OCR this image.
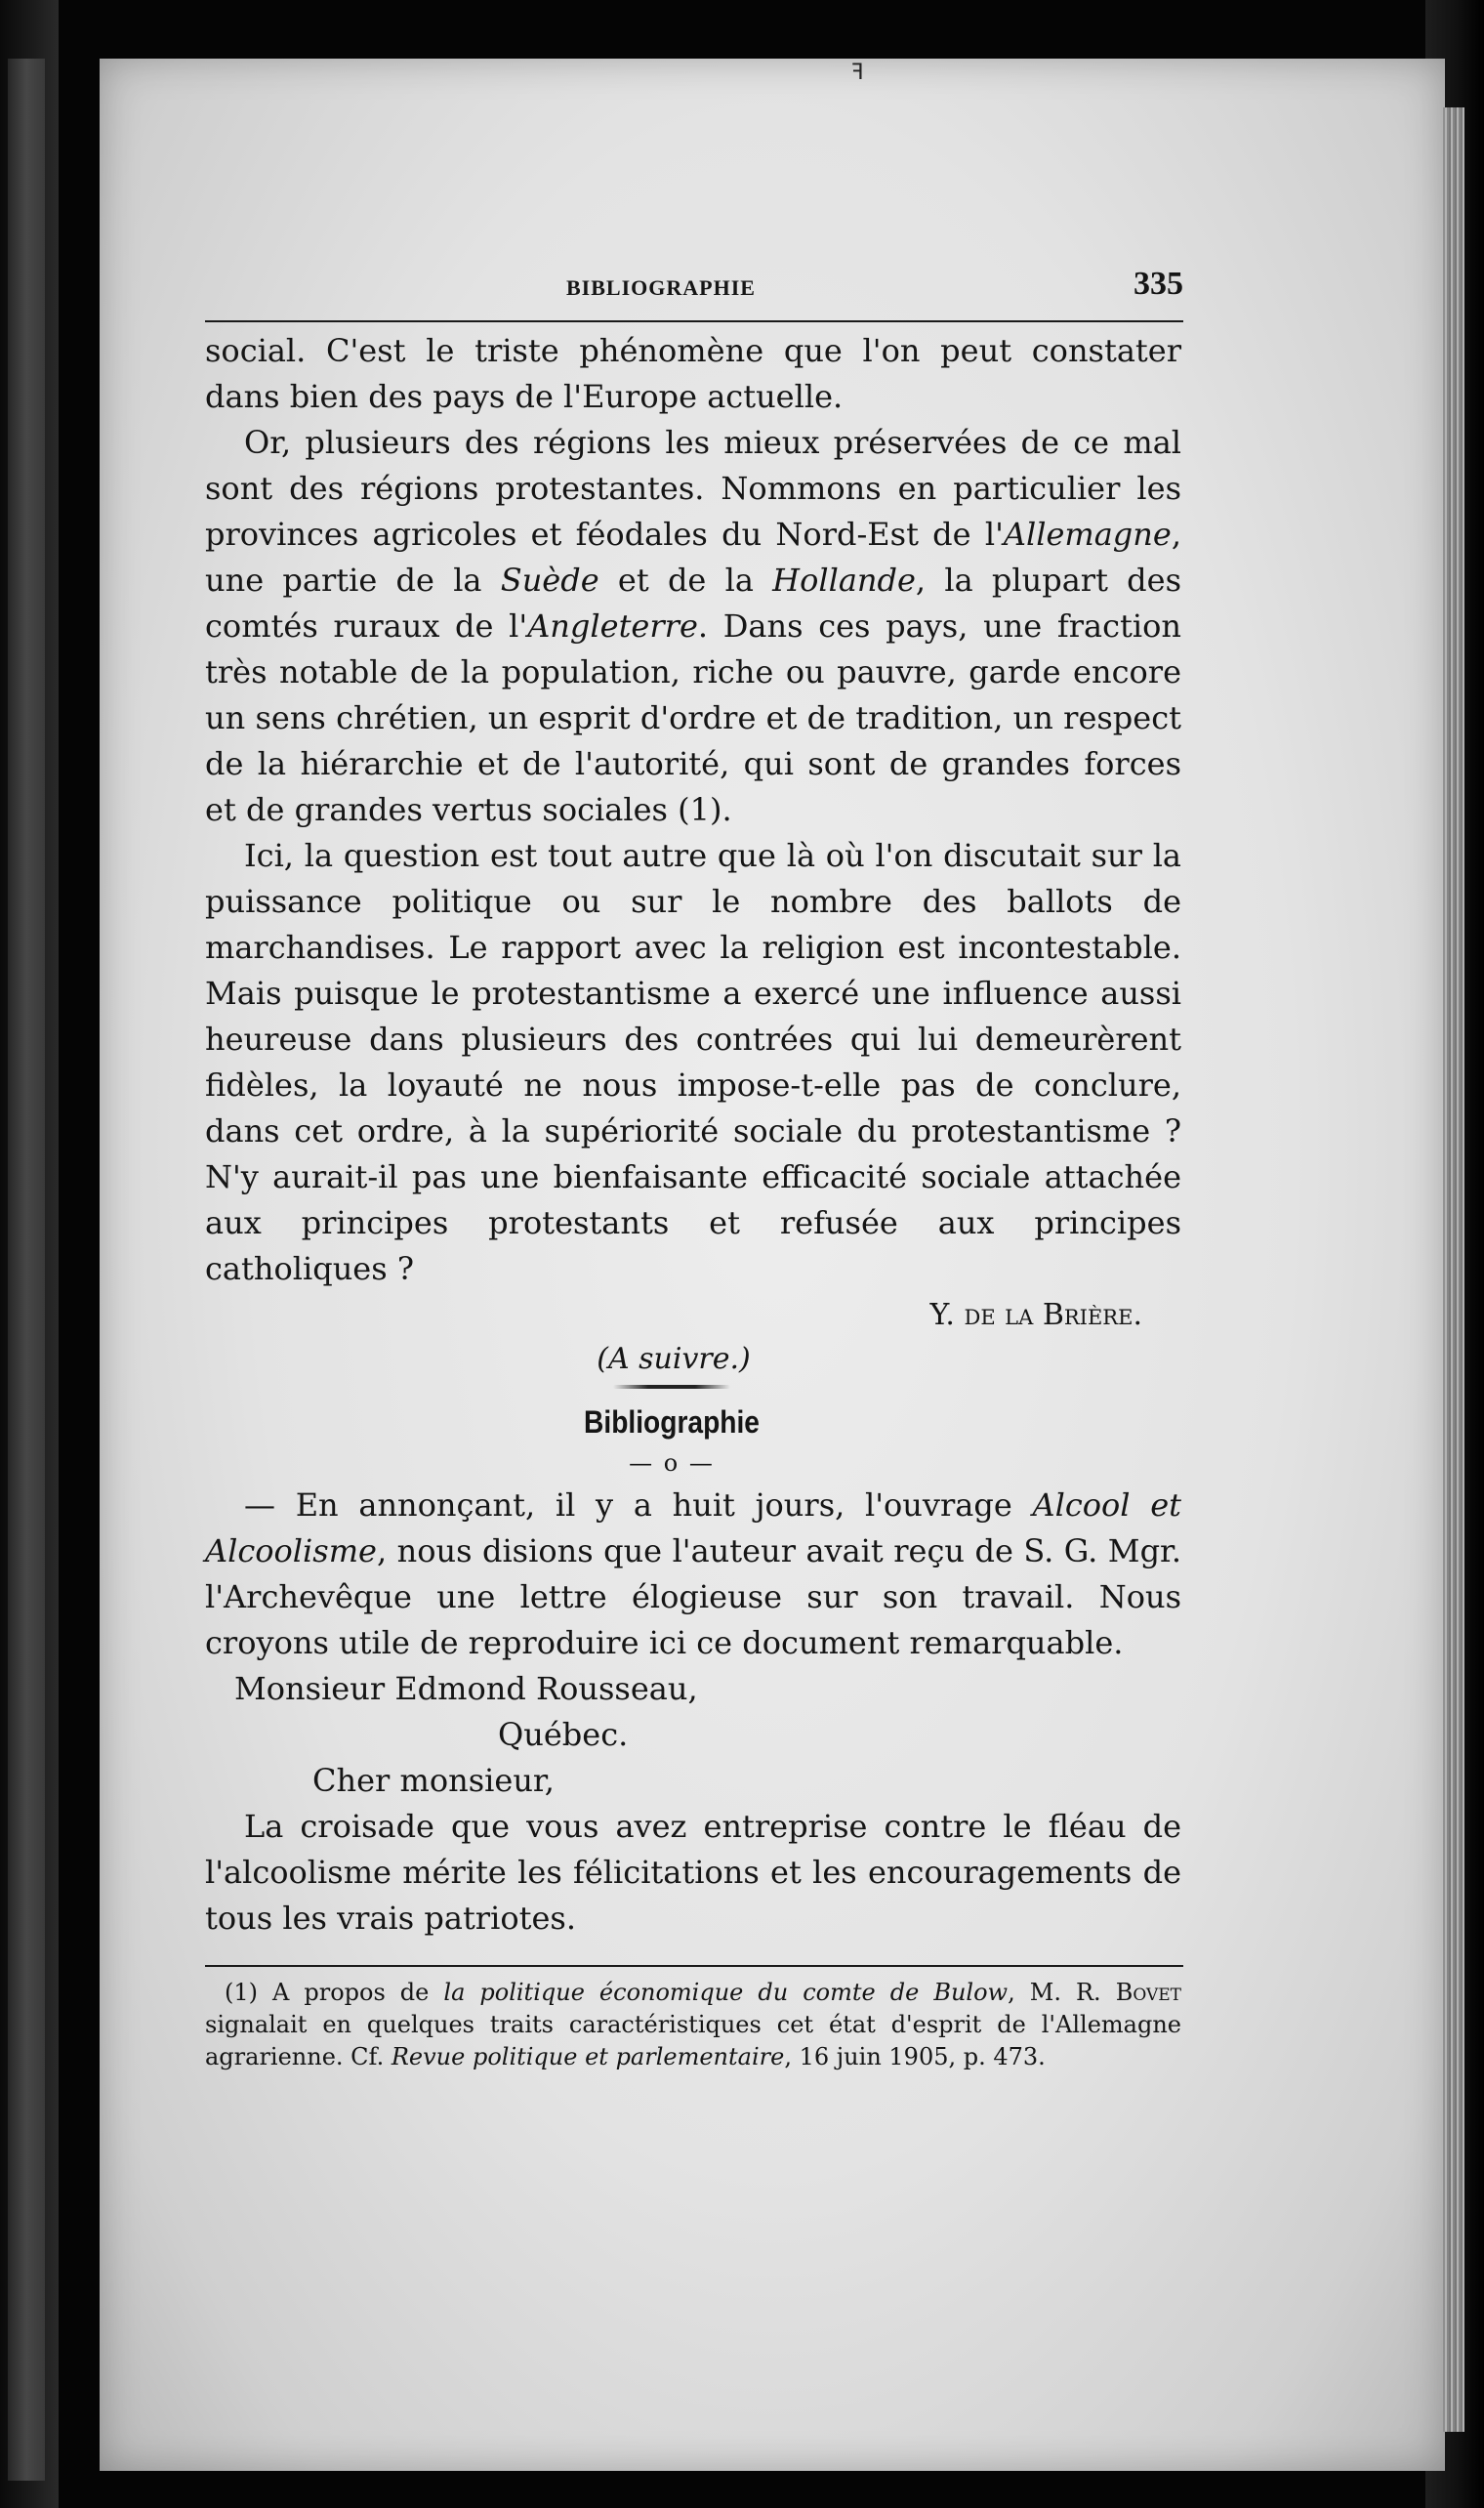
ꟻ
BIBLIOGRAPHIE	335

social. C'est le triste phénomène que l'on peut constater dans bien des pays de l'Europe actuelle.

Or, plusieurs des régions les mieux préservées de ce mal sont des régions protestantes. Nommons en particulier les provinces agricoles et féodales du Nord-Est de l'Allemagne, une partie de la Suède et de la Hollande, la plupart des comtés ruraux de l'Angleterre. Dans ces pays, une fraction très notable de la population, riche ou pauvre, garde encore un sens chrétien, un esprit d'ordre et de tradition, un respect de la hiérarchie et de l'autorité, qui sont de grandes forces et de grandes vertus sociales (1).

Ici, la question est tout autre que là où l'on discutait sur la puissance politique ou sur le nombre des ballots de marchandises. Le rapport avec la religion est incontestable. Mais puisque le protestantisme a exercé une influence aussi heureuse dans plusieurs des contrées qui lui demeurèrent fidèles, la loyauté ne nous impose-t-elle pas de conclure, dans cet ordre, à la supériorité sociale du protestantisme ? N'y aurait-il pas une bienfaisante efficacité sociale attachée aux principes protestants et refusée aux principes catholiques ?

Y. de la Brière.
(A suivre.)
Bibliographie
— o —

— En annonçant, il y a huit jours, l'ouvrage Alcool et Alcoolisme, nous disions que l'auteur avait reçu de S. G. Mgr. l'Archevêque une lettre élogieuse sur son travail. Nous croyons utile de reproduire ici ce document remarquable.

Monsieur Edmond Rousseau,
Québec.
Cher monsieur,

La croisade que vous avez entreprise contre le fléau de l'alcoolisme mérite les félicitations et les encouragements de tous les vrais patriotes.

(1) A propos de la politique économique du comte de Bulow, M. R. Bovet signalait en quelques traits caractéristiques cet état d'esprit de l'Allemagne agrarienne. Cf. Revue politique et parlementaire, 16 juin 1905, p. 473.
